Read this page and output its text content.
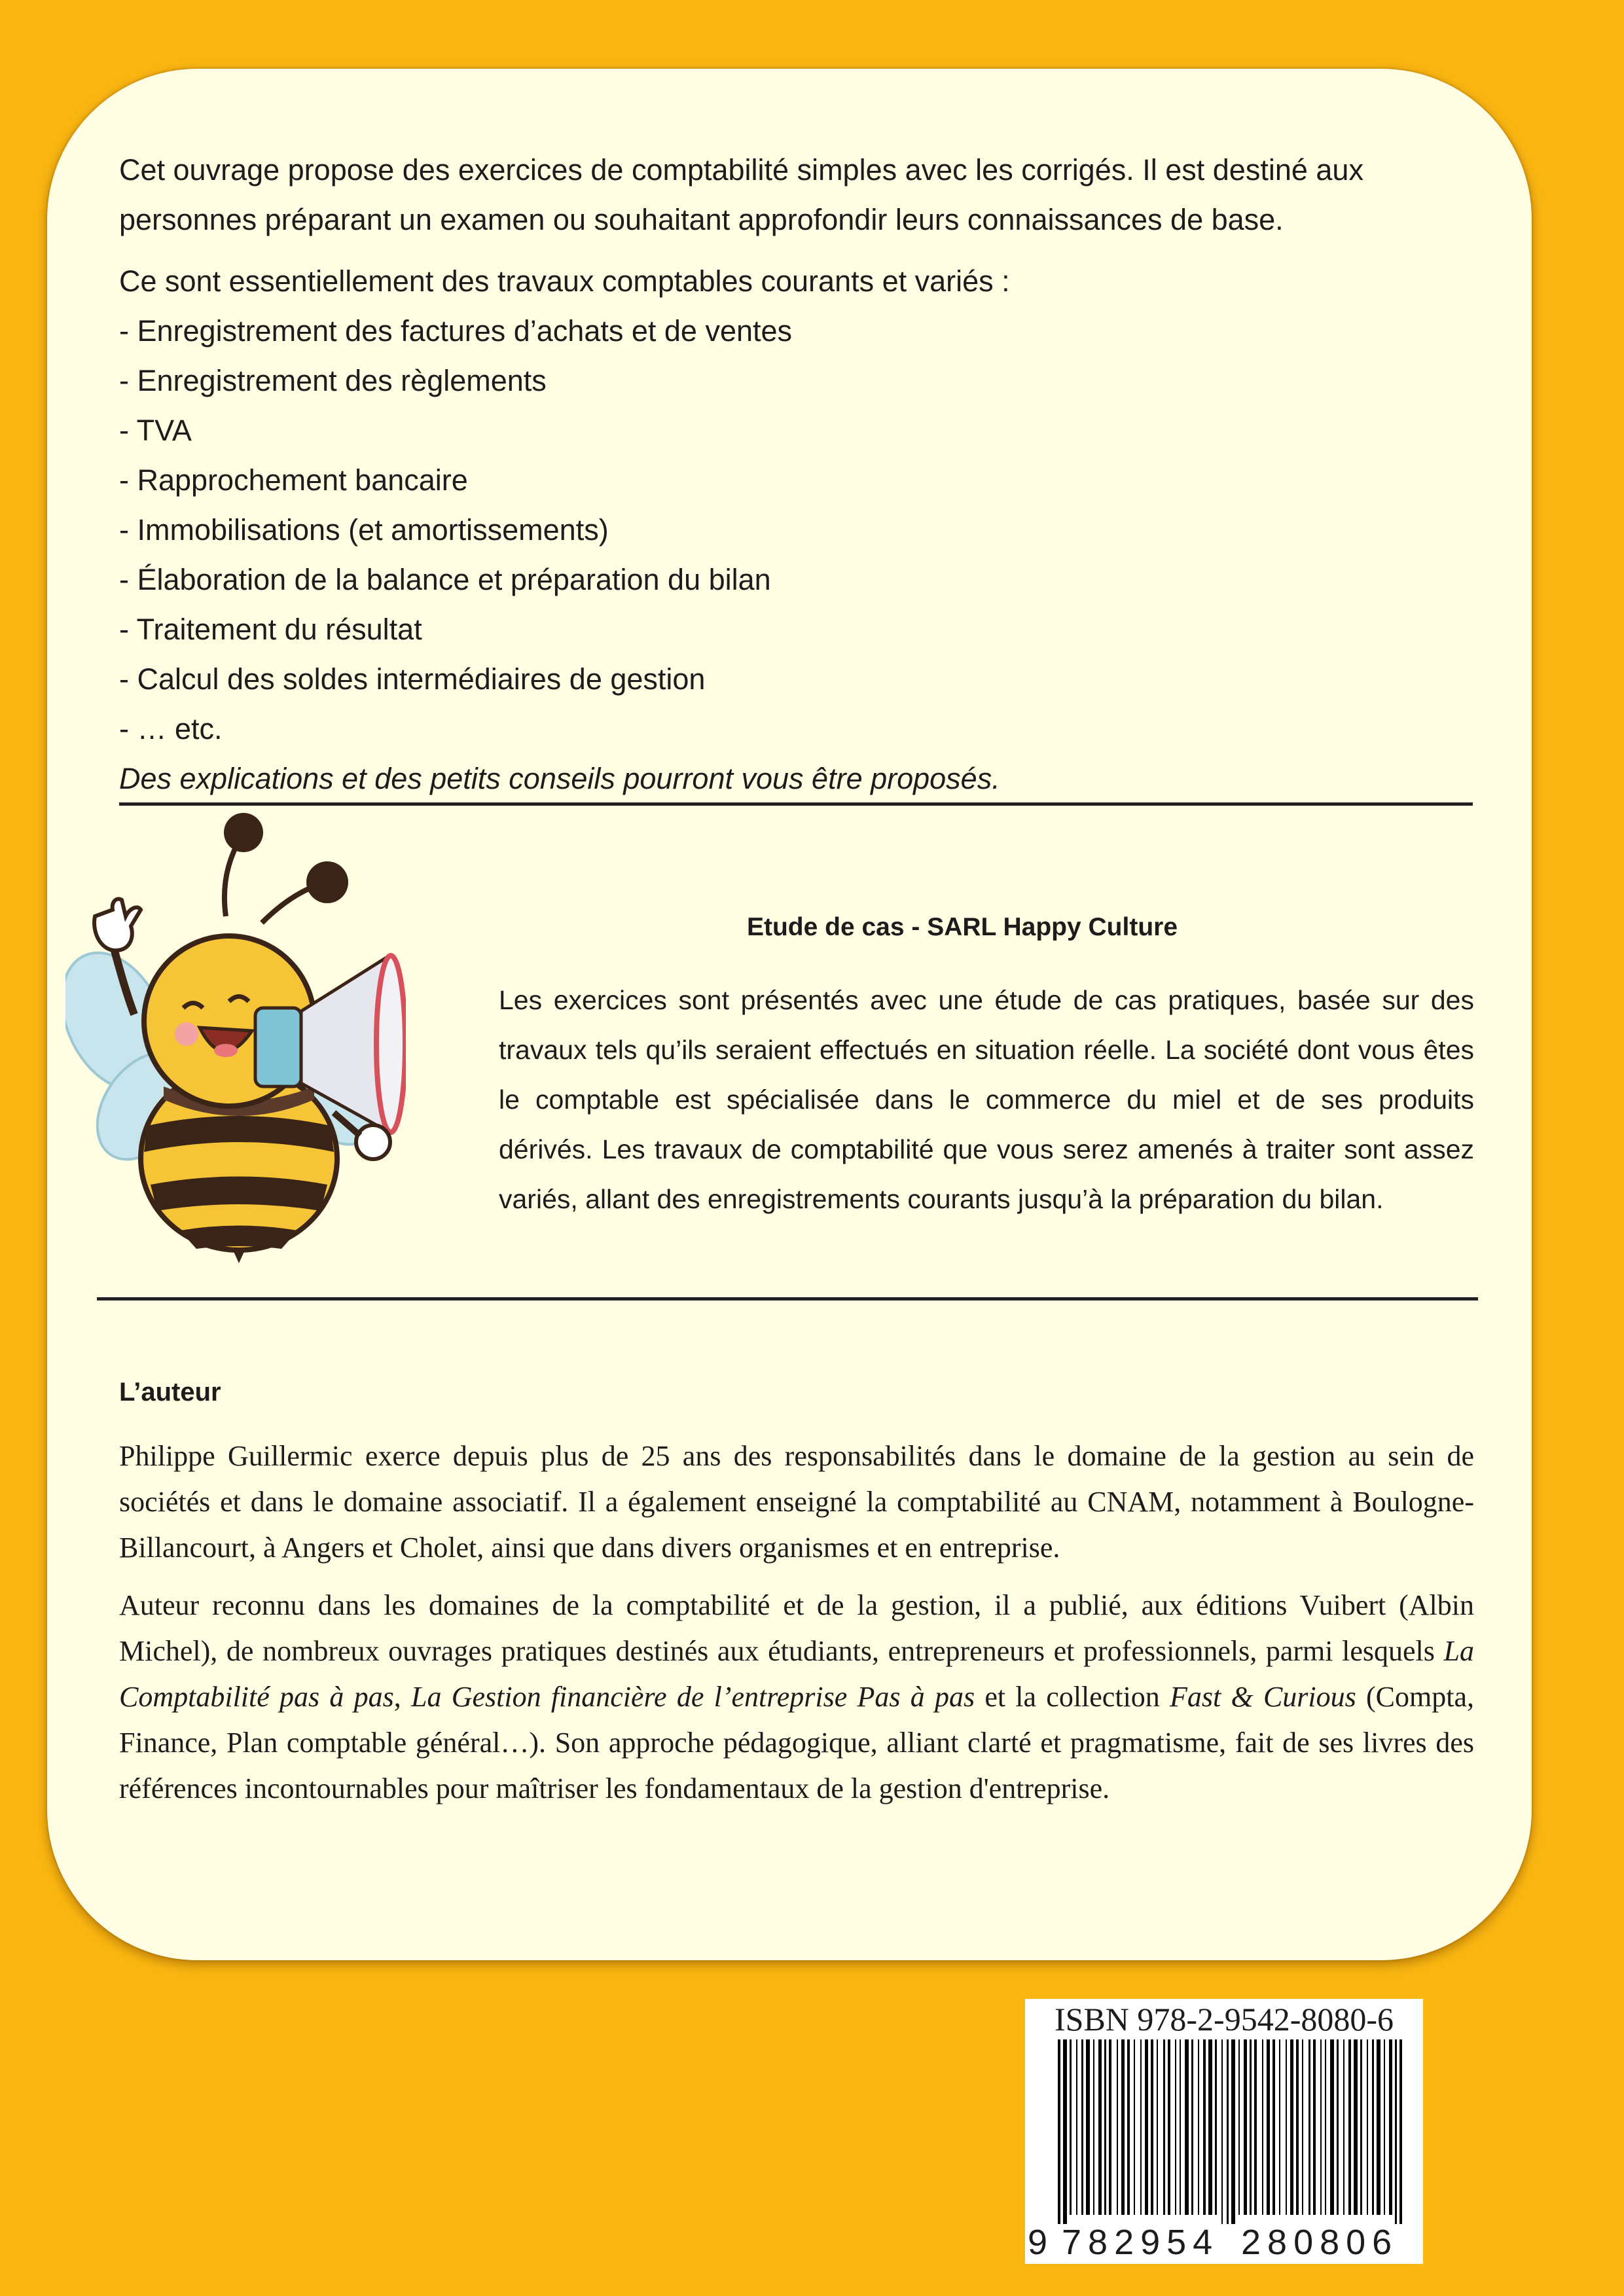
Cet ouvrage propose des exercices de comptabilité simples avec les corrigés. Il est destiné aux personnes préparant un examen ou souhaitant approfondir leurs connaissances de base.

Ce sont essentiellement des travaux comptables courants et variés :

- Enregistrement des factures d’achats et de ventes
- Enregistrement des règlements
- TVA
- Rapprochement bancaire
- Immobilisations (et amortissements)
- Élaboration de la balance et préparation du bilan
- Traitement du résultat
- Calcul des soldes intermédiaires de gestion
- … etc.

Des explications et des petits conseils pourront vous être proposés.

Etude de cas - SARL Happy Culture
Les exercices sont présentés avec une étude de cas pratiques, basée sur des travaux tels qu’ils seraient effectués en situation réelle. La société dont vous êtes le comptable est spécialisée dans le commerce du miel et de ses produits dérivés. Les travaux de comptabilité que vous serez amenés à traiter sont assez variés, allant des enregistrements courants jusqu’à la préparation du bilan.
L’auteur

Philippe Guillermic exerce depuis plus de 25 ans des responsabilités dans le domaine de la gestion au sein de sociétés et dans le domaine associatif. Il a également enseigné la comptabilité au CNAM, notamment à Boulogne-Billancourt, à Angers et Cholet, ainsi que dans divers organismes et en entreprise.

Auteur reconnu dans les domaines de la comptabilité et de la gestion, il a publié, aux éditions Vuibert (Albin Michel), de nombreux ouvrages pratiques destinés aux étudiants, entrepreneurs et professionnels, parmi lesquels La Comptabilité pas à pas, La Gestion financière de l’entreprise Pas à pas et la collection Fast & Curious (Compta, Finance, Plan comptable général…). Son approche pédagogique, alliant clarté et pragmatisme, fait de ses livres des références incontournables pour maîtriser les fondamentaux de la gestion d'entreprise.

ISBN 978-2-9542-8080-6
9 782954 280806
